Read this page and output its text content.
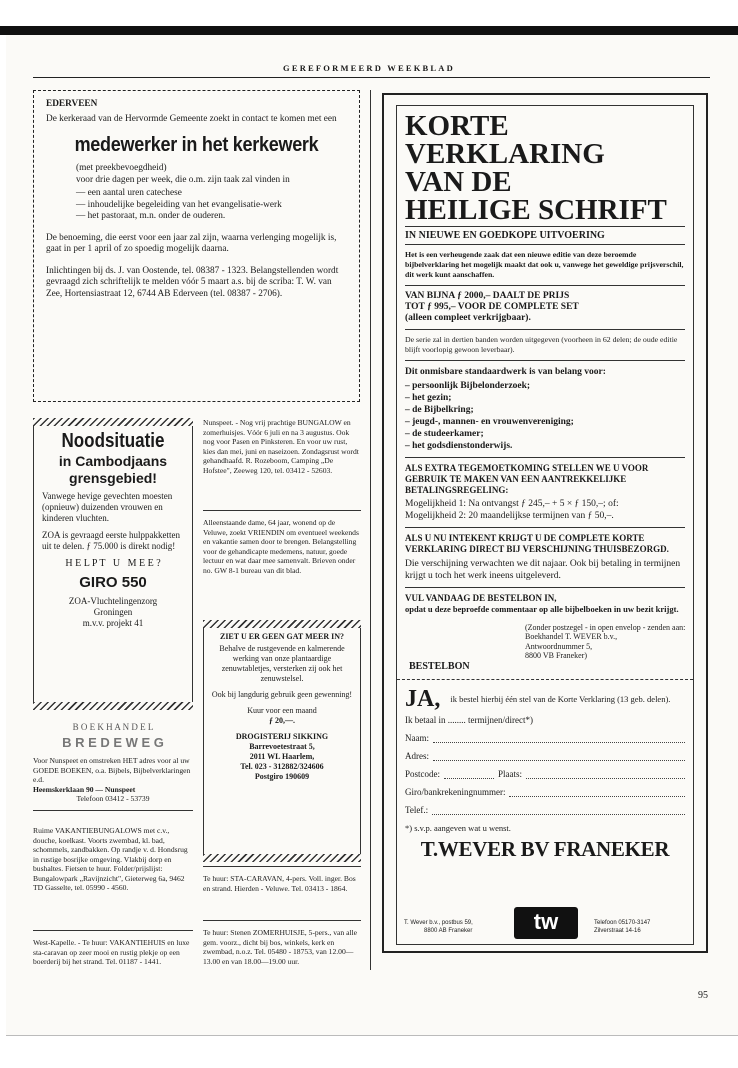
GEREFORMEERD WEEKBLAD

EDERVEEN

De kerkeraad van de Hervormde Gemeente zoekt in contact te komen met een

medewerker in het kerkewerk

(met preekbevoegdheid)

voor drie dagen per week, die o.m. zijn taak zal vinden in

— een aantal uren catechese

— inhoudelijke begeleiding van het evangelisatie-werk

— het pastoraat, m.n. onder de ouderen.

De benoeming, die eerst voor een jaar zal zijn, waarna verlenging mogelijk is, gaat in per 1 april of zo spoedig mogelijk daarna.

Inlichtingen bij ds. J. van Oostende, tel. 08387 - 1323. Belangstellenden wordt gevraagd zich schriftelijk te melden vóór 5 maart a.s. bij de scriba: T. W. van Zee, Hortensiastraat 12, 6744 AB Ederveen (tel. 08387 - 2706).

Noodsituatie

in Cambodjaans

grensgebied!

Vanwege hevige gevechten moesten (opnieuw) duizenden vrouwen en kinderen vluchten.

ZOA is gevraagd eerste hulppakketten uit te delen. ƒ 75.000 is direkt nodig!

H E L P T   U   M E E ?

GIRO 550

ZOA-Vluchtelingenzorg

Groningen

m.v.v. projekt 41

B O E K H A N D E L

B R E D E W E G

Voor Nunspeet en omstreken HET adres voor al uw GOEDE BOEKEN, o.a. Bijbels, Bijbelverklaringen e.d.

Heemskerklaan 90 — Nunspeet

Telefoon 03412 - 53739

Ruime VAKANTIEBUNGALOWS met c.v., douche, koelkast. Voorts zwembad, kl. bad, schommels, zandbakken. Op randje v. d. Hondsrug in rustige bosrijke omgeving. Vlakbij dorp en bushaltes. Fietsen te huur. Folder/prijslijst: Bungalowpark „Ravijnzicht", Gieterweg 6a, 9462 TD Gasselte, tel. 05990 - 4560.
West-Kapelle. - Te huur: VAKANTIEHUIS en luxe sta-caravan op zeer mooi en rustig plekje op een boerderij bij het strand. Tel. 01187 - 1441.
Nunspeet. - Nog vrij prachtige BUNGALOW en zomerhuisjes. Vóór 6 juli en na 3 augustus. Ook nog voor Pasen en Pinksteren. En voor uw rust, kies dan mei, juni en naseizoen. Zondagsrust wordt gehandhaafd. R. Rozeboom, Camping „De Hofstee", Zeeweg 120, tel. 03412 - 52603.
Alleenstaande dame, 64 jaar, wonend op de Veluwe, zoekt VRIENDIN om eventueel weekends en vakantie samen door te brengen. Belangstelling voor de gehandicapte medemens, natuur, goede lectuur en wat daar mee samenvalt. Brieven onder no. GW 8-1 bureau van dit blad.

ZIET U ER GEEN GAT MEER IN?

Behalve de rustgevende en kalmerende werking van onze plantaardige zenuwtabletjes, versterken zij ook het zenuwstelsel.

Ook bij langdurig gebruik geen gewenning!

Kuur voor een maand

ƒ 20,—.

DROGISTERIJ SIKKING

Barrevoetestraat 5,

2011 WL Haarlem,

Tel. 023 - 312882/324606

Postgiro 190609

Te huur: STA-CARAVAN, 4-pers. Voll. inger. Bos en strand. Hierden - Veluwe. Tel. 03413 - 1864.
Te huur: Stenen ZOMERHUISJE, 5-pers., van alle gem. voorz., dicht bij bos, winkels, kerk en zwembad, n.o.z. Tel. 05480 - 18753, van 12.00—13.00 en van 18.00—19.00 uur.

KORTE

VERKLARING

VAN DE

HEILIGE SCHRIFT

IN NIEUWE EN GOEDKOPE UITVOERING

Het is een verheugende zaak dat een nieuwe editie van deze beroemde bijbelverklaring het mogelijk maakt dat ook u, vanwege het geweldige prijsverschil, dit werk kunt aanschaffen.

VAN BIJNA ƒ 2000,– DAALT DE PRIJS

TOT ƒ 995,– VOOR DE COMPLETE SET

(alleen compleet verkrijgbaar).

De serie zal in dertien banden worden uitgegeven (voorheen in 62 delen; de oude editie blijft voorlopig gewoon leverbaar).

Dit onmisbare standaardwerk is van belang voor:

– persoonlijk Bijbelonderzoek;

– het gezin;

– de Bijbelkring;

– jeugd-, mannen- en vrouwenvereniging;

– de studeerkamer;

– het godsdienstonderwijs.

ALS EXTRA TEGEMOETKOMING STELLEN WE U VOOR GEBRUIK TE MAKEN VAN EEN AANTREKKELIJKE BETALINGSREGELING:

Mogelijkheid 1: Na ontvangst ƒ 245,– + 5 × ƒ 150,–; of:

Mogelijkheid 2: 20 maandelijkse termijnen van ƒ 50,–.

ALS U NU INTEKENT KRIJGT U DE COMPLETE KORTE VERKLARING DIRECT BIJ VERSCHIJNING THUISBEZORGD.

Die verschijning verwachten we dit najaar. Ook bij betaling in termijnen krijgt u toch het werk ineens uitgeleverd.

VUL VANDAAG DE BESTELBON IN,

opdat u deze beproefde commentaar op alle bijbelboeken in uw bezit krijgt.

(Zonder postzegel - in open envelop - zenden aan:

Boekhandel T. WEVER b.v.,

Antwoordnummer 5,

8800 VB Franeker)

BESTELBON

JA, ik bestel hierbij één stel van de Korte Verklaring (13 geb. delen).

Ik betaal in ........ termijnen/direct*)

Naam:
Adres:
Postcode:	Plaats:
Giro/bankrekeningnummer:
Telef.:

*) s.v.p. aangeven wat u wenst.

T.WEVER BV FRANEKER

T. Wever b.v., postbus 59,

8800 AB Franeker	tw	Telefoon 05170-3147

Zilverstraat 14-16

95
